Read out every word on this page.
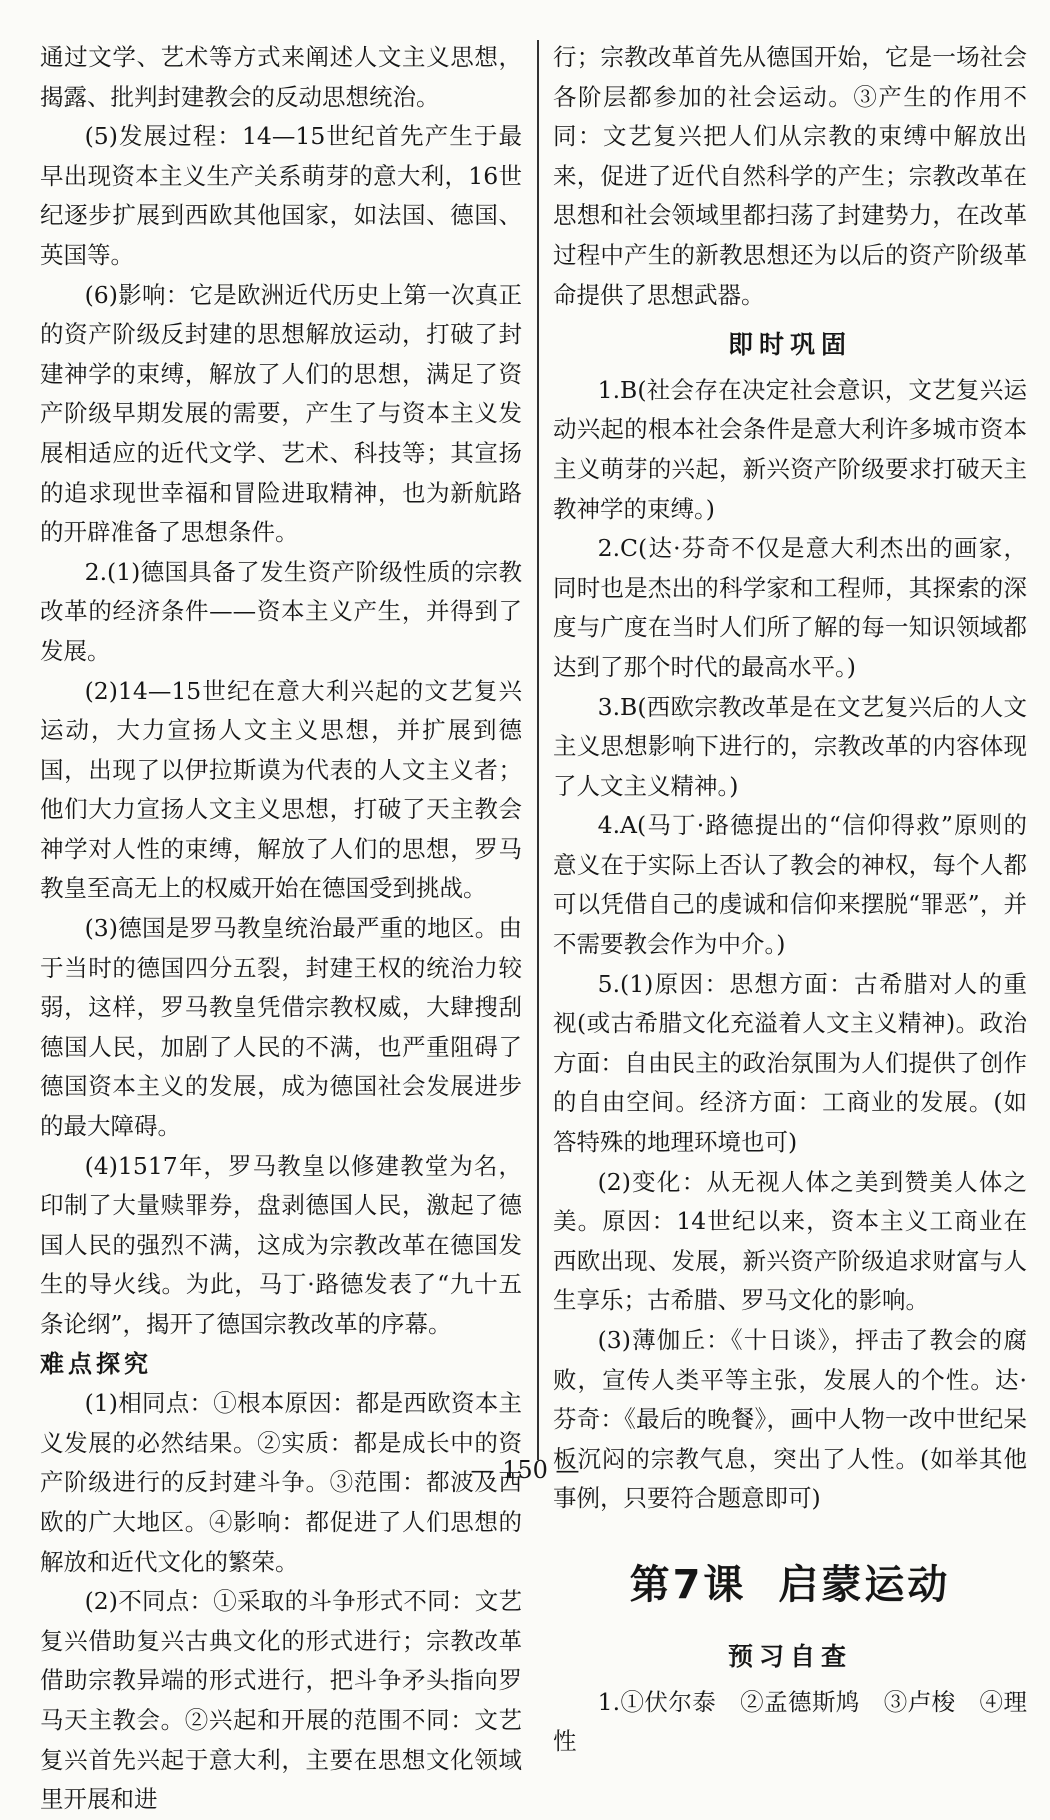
通过文学、艺术等方式来阐述人文主义思想，揭露、批判封建教会的反动思想统治。

(5)发展过程：14—15世纪首先产生于最早出现资本主义生产关系萌芽的意大利，16世纪逐步扩展到西欧其他国家，如法国、德国、英国等。

(6)影响：它是欧洲近代历史上第一次真正的资产阶级反封建的思想解放运动，打破了封建神学的束缚，解放了人们的思想，满足了资产阶级早期发展的需要，产生了与资本主义发展相适应的近代文学、艺术、科技等；其宣扬的追求现世幸福和冒险进取精神，也为新航路的开辟准备了思想条件。

2.(1)德国具备了发生资产阶级性质的宗教改革的经济条件——资本主义产生，并得到了发展。

(2)14—15世纪在意大利兴起的文艺复兴运动，大力宣扬人文主义思想，并扩展到德国，出现了以伊拉斯谟为代表的人文主义者；他们大力宣扬人文主义思想，打破了天主教会神学对人性的束缚，解放了人们的思想，罗马教皇至高无上的权威开始在德国受到挑战。

(3)德国是罗马教皇统治最严重的地区。由于当时的德国四分五裂，封建王权的统治力较弱，这样，罗马教皇凭借宗教权威，大肆搜刮德国人民，加剧了人民的不满，也严重阻碍了德国资本主义的发展，成为德国社会发展进步的最大障碍。

(4)1517年，罗马教皇以修建教堂为名，印制了大量赎罪券，盘剥德国人民，激起了德国人民的强烈不满，这成为宗教改革在德国发生的导火线。为此，马丁·路德发表了“九十五条论纲”，揭开了德国宗教改革的序幕。

难点探究

(1)相同点：①根本原因：都是西欧资本主义发展的必然结果。②实质：都是成长中的资产阶级进行的反封建斗争。③范围：都波及西欧的广大地区。④影响：都促进了人们思想的解放和近代文化的繁荣。

(2)不同点：①采取的斗争形式不同：文艺复兴借助复兴古典文化的形式进行；宗教改革借助宗教异端的形式进行，把斗争矛头指向罗马天主教会。②兴起和开展的范围不同：文艺复兴首先兴起于意大利，主要在思想文化领域里开展和进

行；宗教改革首先从德国开始，它是一场社会各阶层都参加的社会运动。③产生的作用不同：文艺复兴把人们从宗教的束缚中解放出来，促进了近代自然科学的产生；宗教改革在思想和社会领域里都扫荡了封建势力，在改革过程中产生的新教思想还为以后的资产阶级革命提供了思想武器。

即时巩固

1.B(社会存在决定社会意识，文艺复兴运动兴起的根本社会条件是意大利许多城市资本主义萌芽的兴起，新兴资产阶级要求打破天主教神学的束缚。)

2.C(达·芬奇不仅是意大利杰出的画家，同时也是杰出的科学家和工程师，其探索的深度与广度在当时人们所了解的每一知识领域都达到了那个时代的最高水平。)

3.B(西欧宗教改革是在文艺复兴后的人文主义思想影响下进行的，宗教改革的内容体现了人文主义精神。)

4.A(马丁·路德提出的“信仰得救”原则的意义在于实际上否认了教会的神权，每个人都可以凭借自己的虔诚和信仰来摆脱“罪恶”，并不需要教会作为中介。)

5.(1)原因：思想方面：古希腊对人的重视(或古希腊文化充溢着人文主义精神)。政治方面：自由民主的政治氛围为人们提供了创作的自由空间。经济方面：工商业的发展。(如答特殊的地理环境也可)

(2)变化：从无视人体之美到赞美人体之美。原因：14世纪以来，资本主义工商业在西欧出现、发展，新兴资产阶级追求财富与人生享乐；古希腊、罗马文化的影响。

(3)薄伽丘：《十日谈》，抨击了教会的腐败，宣传人类平等主张，发展人的个性。达·芬奇：《最后的晚餐》，画中人物一改中世纪呆板沉闷的宗教气息，突出了人性。(如举其他事例，只要符合题意即可)

第7课 启蒙运动

预习自查

1.①伏尔泰　②孟德斯鸠　③卢梭　④理性

— 150 —
